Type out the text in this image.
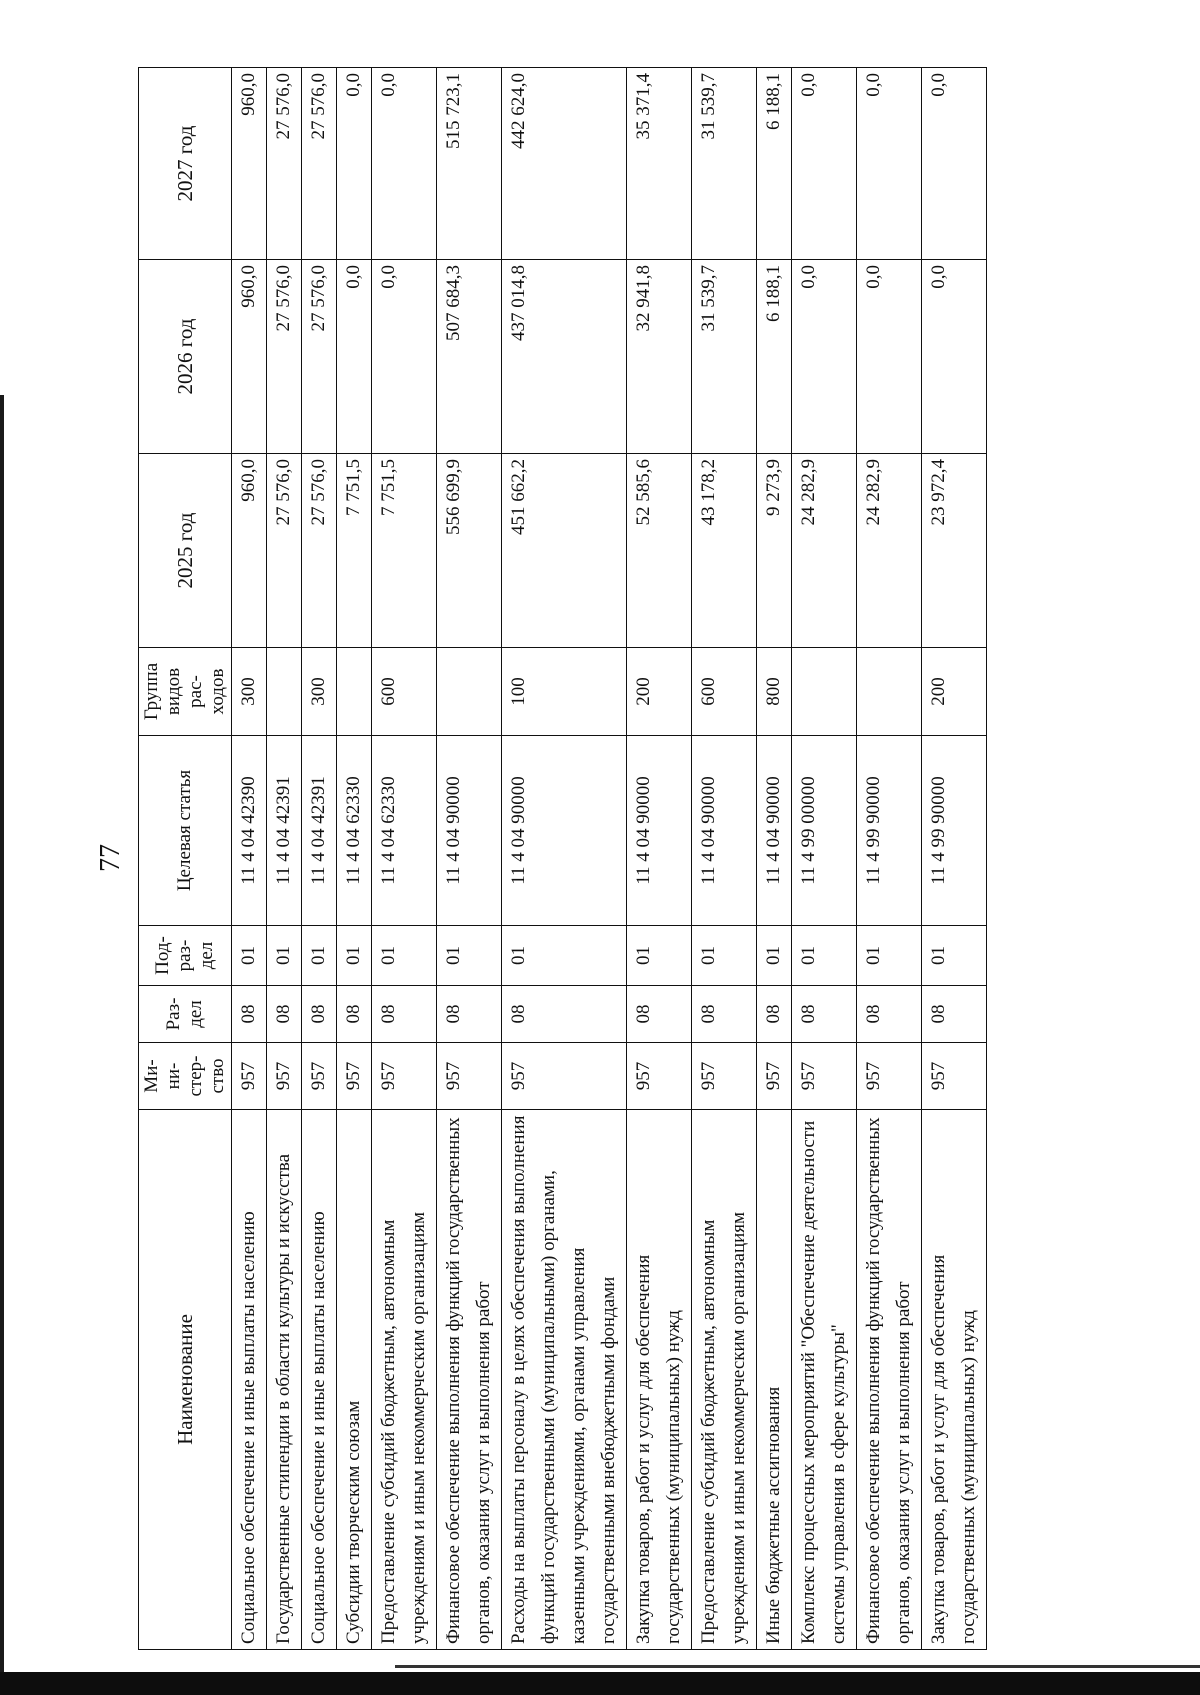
77
Наименование	Ми-ни-стер-ство	Раз-дел	Под-раз-дел	Целевая статья	Группа видов рас-ходов	2025 год	2026 год	2027 год
Социальное обеспечение и иные выплаты населению	957	08	01	11 4 04 42390	300	960,0	960,0	960,0
Государственные стипендии в области культуры и искусства	957	08	01	11 4 04 42391		27 576,0	27 576,0	27 576,0
Социальное обеспечение и иные выплаты населению	957	08	01	11 4 04 42391	300	27 576,0	27 576,0	27 576,0
Субсидии творческим союзам	957	08	01	11 4 04 62330		7 751,5	0,0	0,0
Предоставление субсидий бюджетным, автономным учреждениям и иным некоммерческим организациям	957	08	01	11 4 04 62330	600	7 751,5	0,0	0,0
Финансовое обеспечение выполнения функций государственных органов, оказания услуг и выполнения работ	957	08	01	11 4 04 90000		556 699,9	507 684,3	515 723,1
Расходы на выплаты персоналу в целях обеспечения выполнения функций государственными (муниципальными) органами, казенными учреждениями, органами управления государственными внебюджетными фондами	957	08	01	11 4 04 90000	100	451 662,2	437 014,8	442 624,0
Закупка товаров, работ и услуг для обеспечения государственных (муниципальных) нужд	957	08	01	11 4 04 90000	200	52 585,6	32 941,8	35 371,4
Предоставление субсидий бюджетным, автономным учреждениям и иным некоммерческим организациям	957	08	01	11 4 04 90000	600	43 178,2	31 539,7	31 539,7
Иные бюджетные ассигнования	957	08	01	11 4 04 90000	800	9 273,9	6 188,1	6 188,1
Комплекс процессных мероприятий "Обеспечение деятельности системы управления в сфере культуры"	957	08	01	11 4 99 00000		24 282,9	0,0	0,0
Финансовое обеспечение выполнения функций государственных органов, оказания услуг и выполнения работ	957	08	01	11 4 99 90000		24 282,9	0,0	0,0
Закупка товаров, работ и услуг для обеспечения государственных (муниципальных) нужд	957	08	01	11 4 99 90000	200	23 972,4	0,0	0,0
